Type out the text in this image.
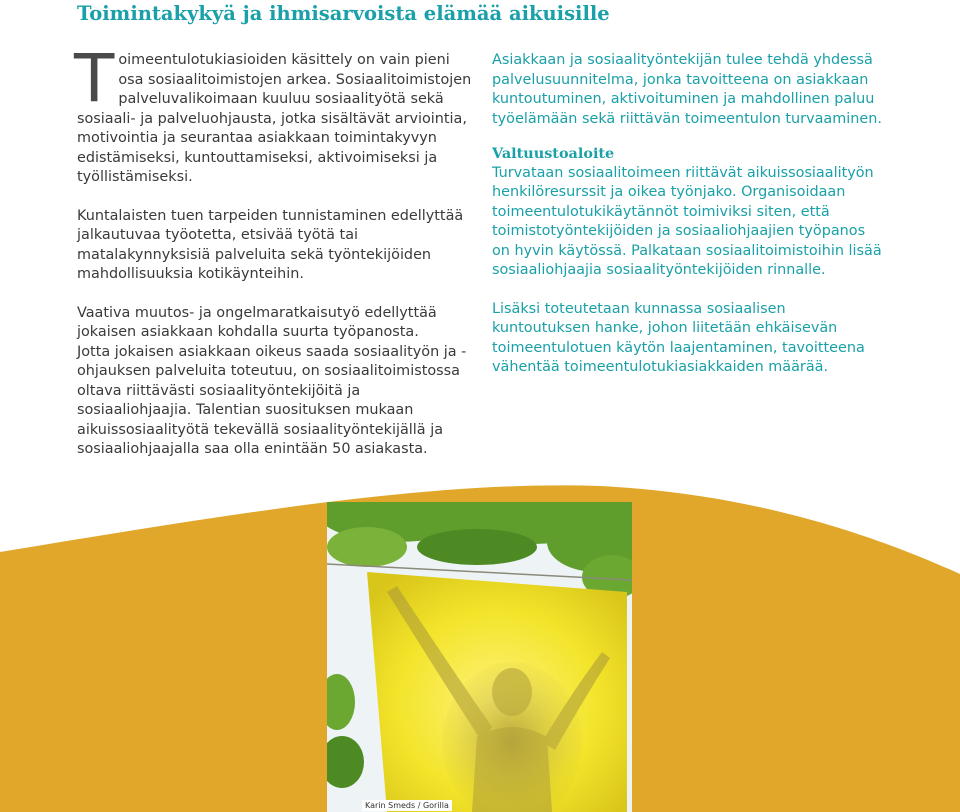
Toimintakykyä ja ihmisarvoista elämää aikuisille

Toimeentulotukiasioiden käsittely on vain pieni osa sosiaalitoimistojen arkea. Sosiaalitoimistojen palveluvalikoimaan kuuluu sosiaalityötä sekä sosiaali- ja palveluohjausta, jotka sisältävät arviointia, motivointia ja seurantaa asiakkaan toimintakyvyn edistämiseksi, kuntouttamiseksi, aktivoimiseksi ja työllistämiseksi.

Kuntalaisten tuen tarpeiden tunnistaminen edellyttää jalkautuvaa työotetta, etsivää työtä tai matalakynnyksisiä palveluita sekä työntekijöiden mahdollisuuksia kotikäynteihin.

Vaativa muutos- ja ongelmaratkaisutyö edellyttää jokaisen asiakkaan kohdalla suurta työpanosta.
Jotta jokaisen asiakkaan oikeus saada sosiaalityön ja -ohjauksen palveluita toteutuu, on sosiaalitoimistossa oltava riittävästi sosiaalityöntekijöitä ja sosiaaliohjaajia. Talentian suosituksen mukaan aikuissosiaalityötä tekevällä sosiaalityöntekijällä ja sosiaaliohjaajalla saa olla enintään 50 asiakasta.

Asiakkaan ja sosiaalityöntekijän tulee tehdä yhdessä palvelusuunnitelma, jonka tavoitteena on asiakkaan kuntoutuminen, aktivoituminen ja mahdollinen paluu työelämään sekä riittävän toimeentulon turvaaminen.

Valtuustoaloite
Turvataan sosiaalitoimeen riittävät aikuissosiaalityön henkilöresurssit ja oikea työnjako. Organisoidaan toimeentulotukikäytännöt toimiviksi siten, että toimistotyöntekijöiden ja sosiaaliohjaajien työpanos on hyvin käytössä. Palkataan sosiaalitoimistoihin lisää sosiaaliohjaajia sosiaalityöntekijöiden rinnalle.

Lisäksi toteutetaan kunnassa sosiaalisen kuntoutuksen hanke, johon liitetään ehkäisevän toimeentulotuen käytön laajentaminen, tavoitteena vähentää toimeentulotukiasiakkaiden määrää.

Karin Smeds / Gorilla
